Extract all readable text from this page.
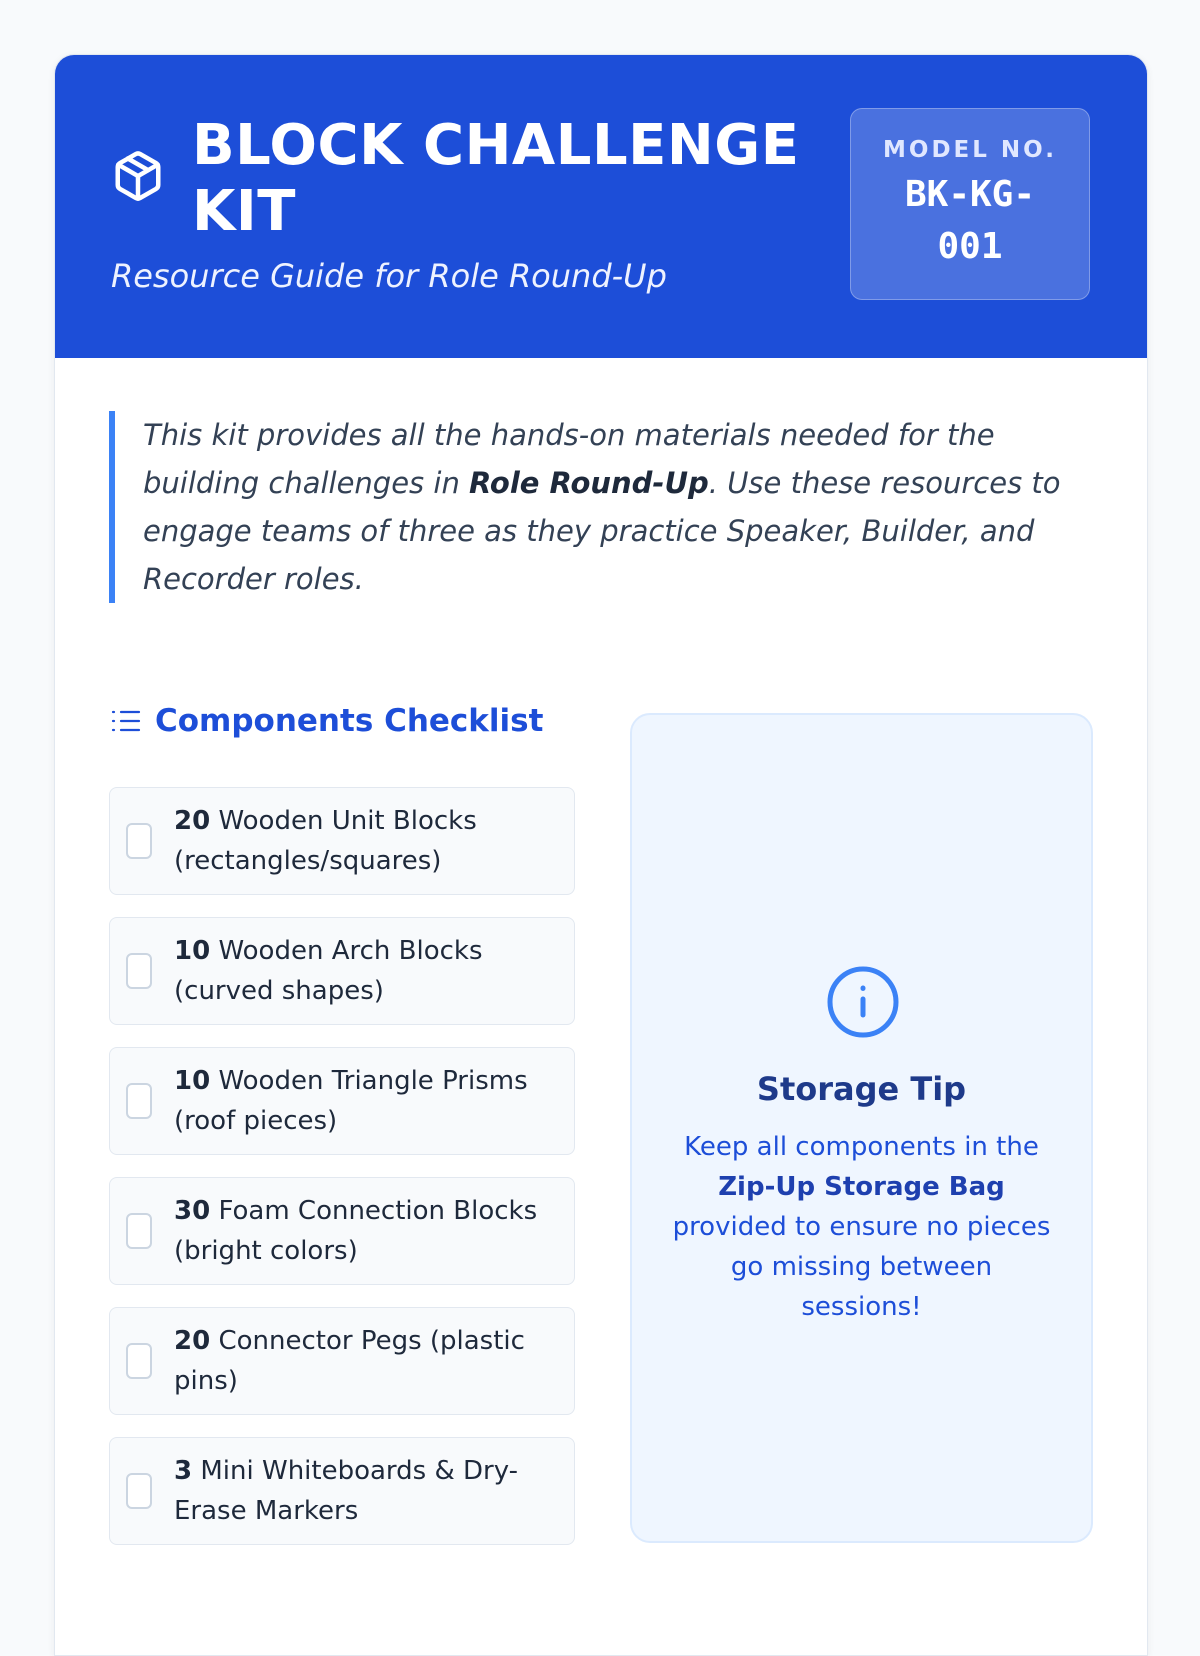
BLOCK CHALLENGE KIT

Resource Guide for Role Round-Up

MODEL NO.
BK-KG-001

This kit provides all the hands-on materials needed for the building challenges in Role Round-Up. Use these resources to engage teams of three as they practice Speaker, Builder, and Recorder roles.

Components Checklist
20 Wooden Unit Blocks (rectangles/squares)
10 Wooden Arch Blocks (curved shapes)
10 Wooden Triangle Prisms (roof pieces)
30 Foam Connection Blocks (bright colors)
20 Connector Pegs (plastic pins)
3 Mini Whiteboards & Dry-Erase Markers
Storage Tip

Keep all components in the Zip-Up Storage Bag provided to ensure no pieces go missing between sessions!
